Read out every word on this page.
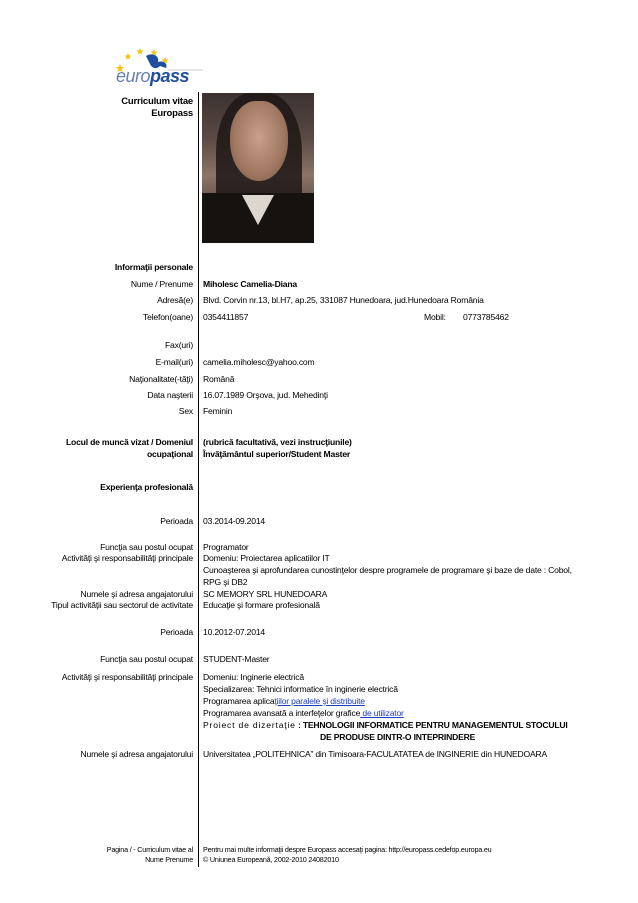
europass
Curriculum vitae
Europass
Informaţii personale
Nume / Prenume Miholesc Camelia-Diana
Adresă(e) Blvd. Corvin nr.13, bl.H7, ap.25, 331087 Hunedoara, jud.Hunedoara România
Telefon(oane) 0354411857	Mobil: 0773785462
Fax(uri)
E-mail(uri) camelia.miholesc@yahoo.com
Naţionalitate(-tăţi) Română
Data naşterii 16.07.1989 Orşova, jud. Mehedinţi
Sex Feminin
Locul de muncă vizat / Domeniul
ocupaţional
(rubrică facultativă, vezi instrucţiunile)
Învăţământul superior/Student Master
Experienţa profesională
Perioada 03.2014-09.2014
Funcţia sau postul ocupat Programator
Activităţi şi responsabilităţi principale Domeniu: Proiectarea aplicatiilor IT
Cunoaşterea şi aprofundarea cunostinţelor despre programele de programare şi baze de date : Cobol,
RPG şi DB2
Numele şi adresa angajatorului SC MEMORY SRL HUNEDOARA
Tipul activităţii sau sectorul de activitate Educaţie şi formare profesională
Perioada 10.2012-07.2014
Funcţia sau postul ocupat STUDENT-Master
Activităţi şi responsabilităţi principale Domeniu: Inginerie electrică
Specializarea: Tehnici informatice în inginerie electrică
Programarea aplicaţiilor paralele şi distribuite
Programarea avansată a interfeţelor grafice de utilizator
Proiect de dizertaţie : TEHNOLOGII INFORMATICE PENTRU MANAGEMENTUL STOCULUI
DE PRODUSE DINTR-O INTEPRINDERE
Numele şi adresa angajatorului Universitatea „POLITEHNICA” din Timisoara-FACULATATEA de INGINERIE din HUNEDOARA
Pagina / - Curriculum vitae al
Nume Prenume
Pentru mai multe informaţii despre Europass accesaţi pagina: http://europass.cedefop.europa.eu
© Uniunea Europeană, 2002-2010 24082010
